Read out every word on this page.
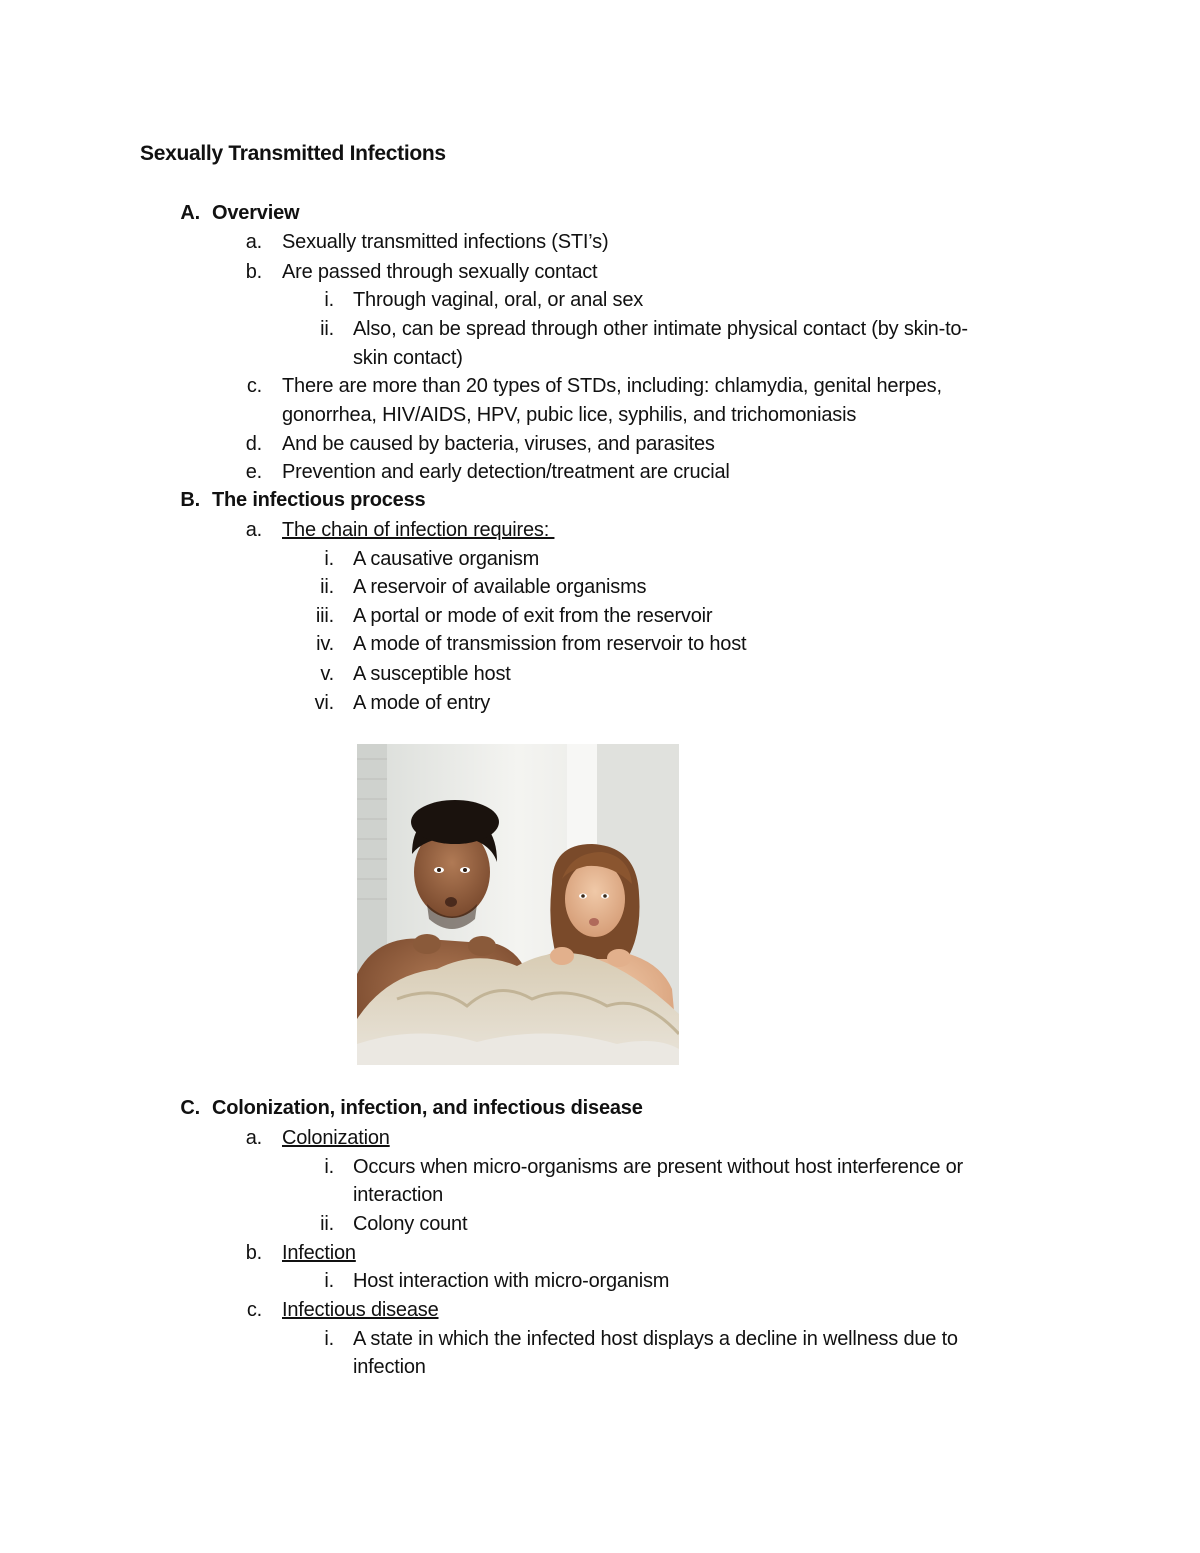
Sexually Transmitted Infections
A. Overview
a. Sexually transmitted infections (STI’s)
b. Are passed through sexually contact
i. Through vaginal, oral, or anal sex
ii. Also, can be spread through other intimate physical contact (by skin-to-
skin contact)
c. There are more than 20 types of STDs, including: chlamydia, genital herpes,
gonorrhea, HIV/AIDS, HPV, pubic lice, syphilis, and trichomoniasis
d. And be caused by bacteria, viruses, and parasites
e. Prevention and early detection/treatment are crucial
B. The infectious process
a. The chain of infection requires:
i. A causative organism
ii. A reservoir of available organisms
iii. A portal or mode of exit from the reservoir
iv. A mode of transmission from reservoir to host
v. A susceptible host
vi. A mode of entry
C. Colonization, infection, and infectious disease
a. Colonization
i. Occurs when micro-organisms are present without host interference or
interaction
ii. Colony count
b. Infection
i. Host interaction with micro-organism
c. Infectious disease
i. A state in which the infected host displays a decline in wellness due to
infection
